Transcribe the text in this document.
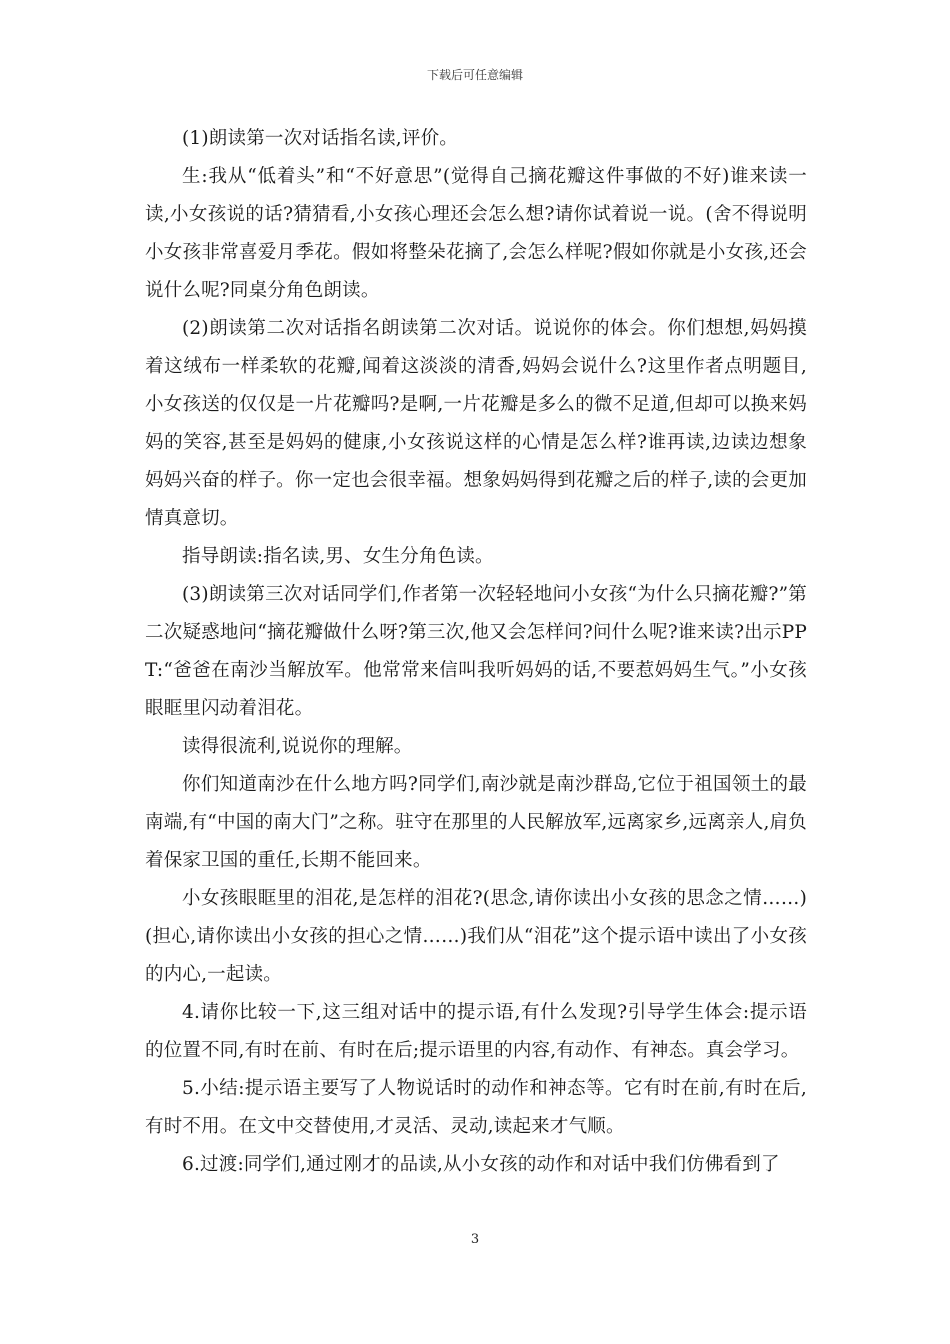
下载后可任意编辑

(1)朗读第一次对话指名读,评价。

生:我从“低着头”和“不好意思”(觉得自己摘花瓣这件事做的不好)谁来读一读,小女孩说的话?猜猜看,小女孩心理还会怎么想?请你试着说一说。(舍不得说明小女孩非常喜爱月季花。假如将整朵花摘了,会怎么样呢?假如你就是小女孩,还会说什么呢?同桌分角色朗读。

(2)朗读第二次对话指名朗读第二次对话。说说你的体会。你们想想,妈妈摸着这绒布一样柔软的花瓣,闻着这淡淡的清香,妈妈会说什么?这里作者点明题目,小女孩送的仅仅是一片花瓣吗?是啊,一片花瓣是多么的微不足道,但却可以换来妈妈的笑容,甚至是妈妈的健康,小女孩说这样的心情是怎么样?谁再读,边读边想象妈妈兴奋的样子。你一定也会很幸福。想象妈妈得到花瓣之后的样子,读的会更加情真意切。

指导朗读:指名读,男、女生分角色读。

(3)朗读第三次对话同学们,作者第一次轻轻地问小女孩“为什么只摘花瓣?”第二次疑惑地问“摘花瓣做什么呀?第三次,他又会怎样问?问什么呢?谁来读?出示PPT:“爸爸在南沙当解放军。他常常来信叫我听妈妈的话,不要惹妈妈生气。”小女孩眼眶里闪动着泪花。

读得很流利,说说你的理解。

你们知道南沙在什么地方吗?同学们,南沙就是南沙群岛,它位于祖国领土的最南端,有“中国的南大门”之称。驻守在那里的人民解放军,远离家乡,远离亲人,肩负着保家卫国的重任,长期不能回来。

小女孩眼眶里的泪花,是怎样的泪花?(思念,请你读出小女孩的思念之情……)(担心,请你读出小女孩的担心之情……)我们从“泪花”这个提示语中读出了小女孩的内心,一起读。

4.请你比较一下,这三组对话中的提示语,有什么发现?引导学生体会:提示语的位置不同,有时在前、有时在后;提示语里的内容,有动作、有神态。真会学习。

5.小结:提示语主要写了人物说话时的动作和神态等。它有时在前,有时在后,有时不用。在文中交替使用,才灵活、灵动,读起来才气顺。

6.过渡:同学们,通过刚才的品读,从小女孩的动作和对话中我们仿佛看到了

3
